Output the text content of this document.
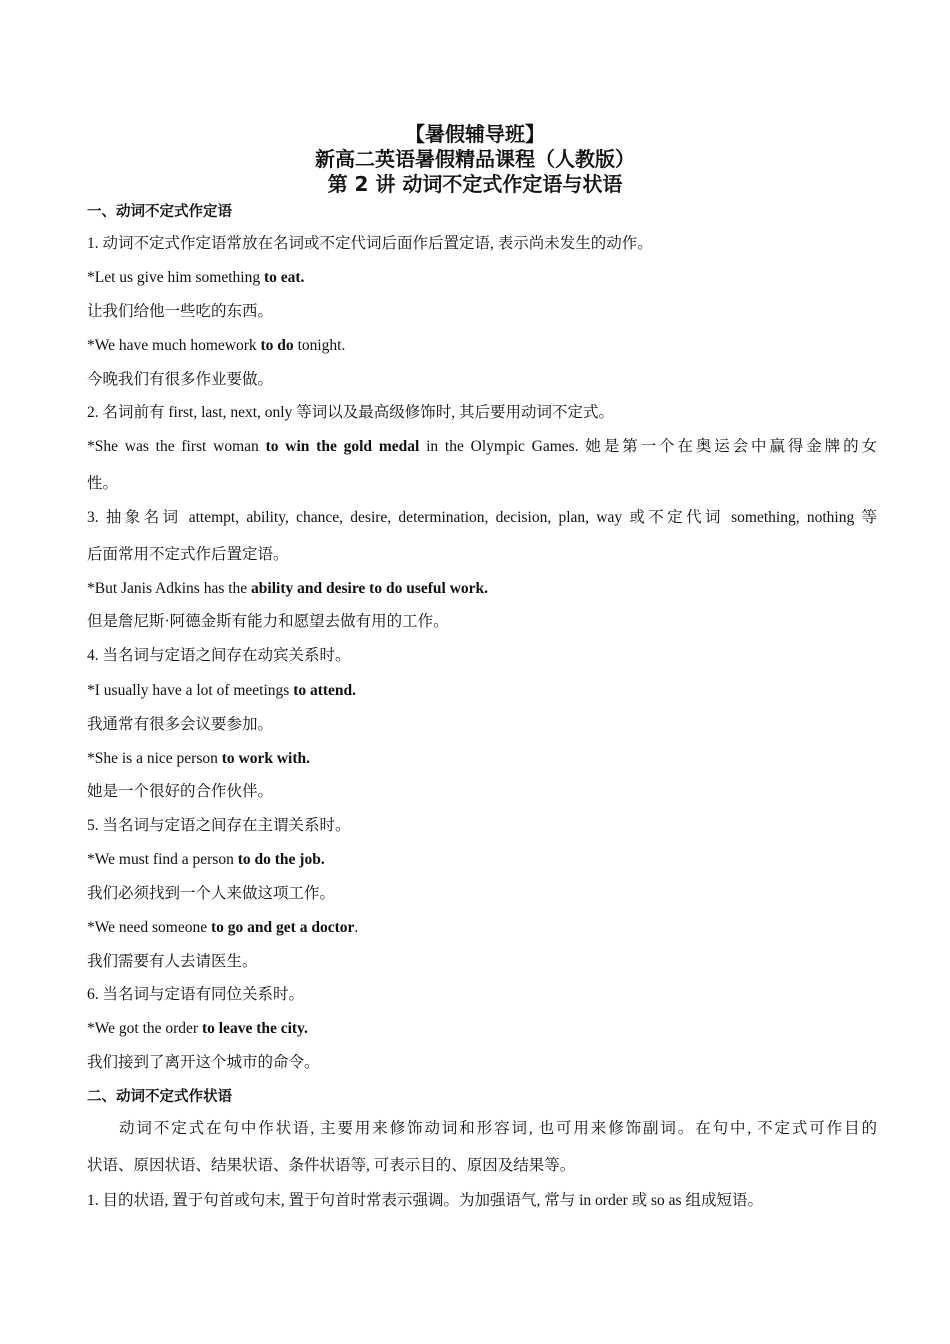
【暑假辅导班】
新高二英语暑假精品课程（人教版）
第 2 讲 动词不定式作定语与状语
一、动词不定式作定语
1. 动词不定式作定语常放在名词或不定代词后面作后置定语, 表示尚未发生的动作。
*Let us give him something to eat.
让我们给他一些吃的东西。
*We have much homework to do tonight.
今晚我们有很多作业要做。
2. 名词前有 first, last, next, only 等词以及最高级修饰时, 其后要用动词不定式。
*She was the first woman to win the gold medal in the Olympic Games. 她是第一个在奥运会中赢得金牌的女
性。
3. 抽象名词 attempt, ability, chance, desire, determination, decision, plan, way 或不定代词 something, nothing 等
后面常用不定式作后置定语。
*But Janis Adkins has the ability and desire to do useful work.
但是詹尼斯·阿德金斯有能力和愿望去做有用的工作。
4. 当名词与定语之间存在动宾关系时。
*I usually have a lot of meetings to attend.
我通常有很多会议要参加。
*She is a nice person to work with.
她是一个很好的合作伙伴。
5. 当名词与定语之间存在主谓关系时。
*We must find a person to do the job.
我们必须找到一个人来做这项工作。
*We need someone to go and get a doctor.
我们需要有人去请医生。
6. 当名词与定语有同位关系时。
*We got the order to leave the city.
我们接到了离开这个城市的命令。
二、动词不定式作状语
动词不定式在句中作状语, 主要用来修饰动词和形容词, 也可用来修饰副词。在句中, 不定式可作目的
状语、原因状语、结果状语、条件状语等, 可表示目的、原因及结果等。
1. 目的状语, 置于句首或句末, 置于句首时常表示强调。为加强语气, 常与 in order 或 so as 组成短语。
